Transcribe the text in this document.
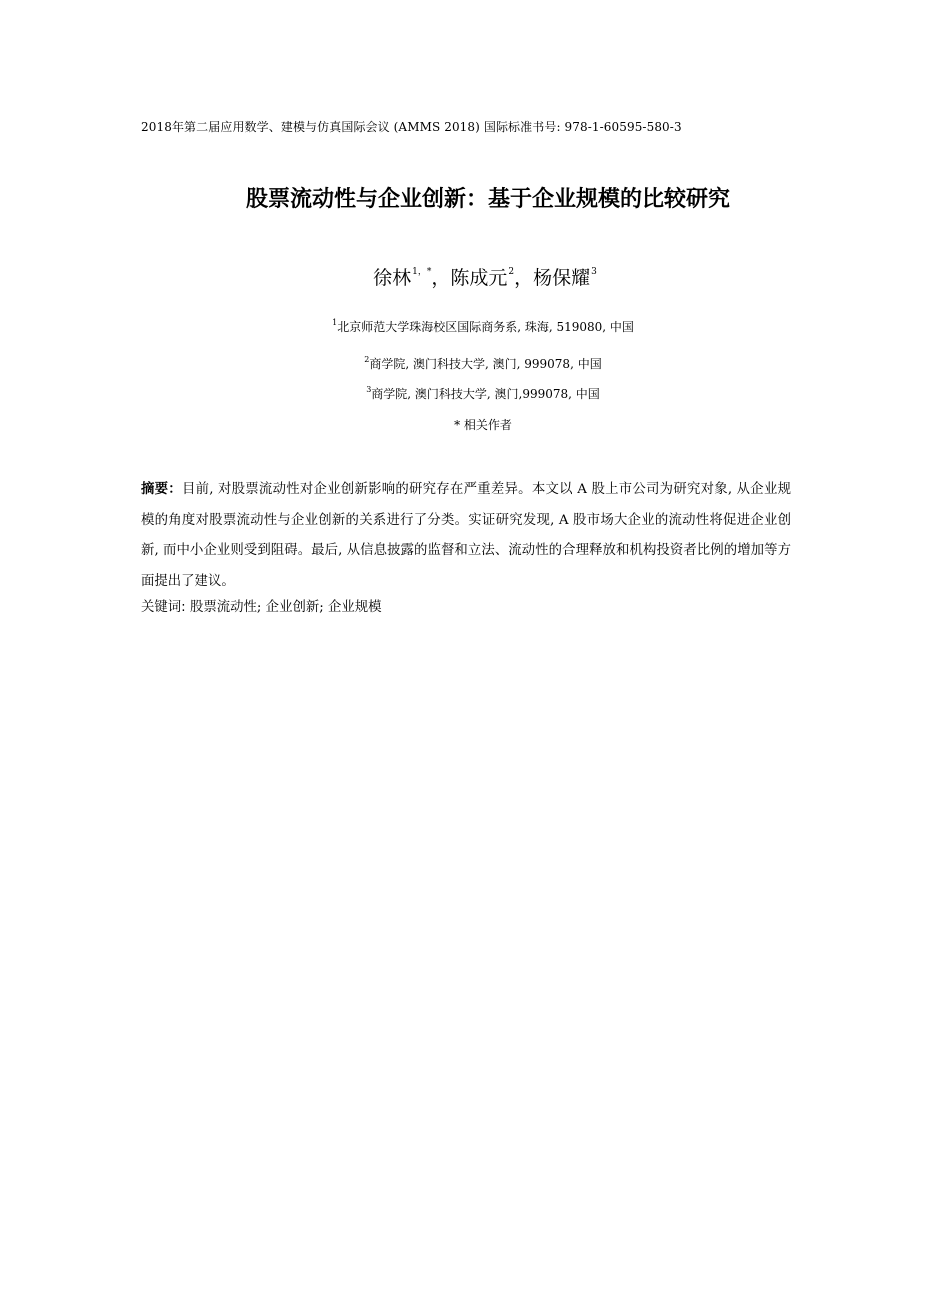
2018年第二届应用数学、建模与仿真国际会议 (AMMS 2018) 国际标准书号: 978-1-60595-580-3
股票流动性与企业创新：基于企业规模的比较研究
徐林$^{1,*}$，陈成元$^2$，杨保耀$^3$
$^1$北京师范大学珠海校区国际商务系, 珠海, 519080, 中国
$^2$商学院, 澳门科技大学, 澳门, 999078, 中国
$^3$商学院, 澳门科技大学, 澳门,999078, 中国
* 相关作者
摘要：目前, 对股票流动性对企业创新影响的研究存在严重差异。本文以 A 股上市公司为研究对象, 从企业规模的角度对股票流动性与企业创新的关系进行了分类。实证研究发现, A 股市场大企业的流动性将促进企业创新, 而中小企业则受到阻碍。最后, 从信息披露的监督和立法、流动性的合理释放和机构投资者比例的增加等方面提出了建议。
关键词: 股票流动性; 企业创新; 企业规模
